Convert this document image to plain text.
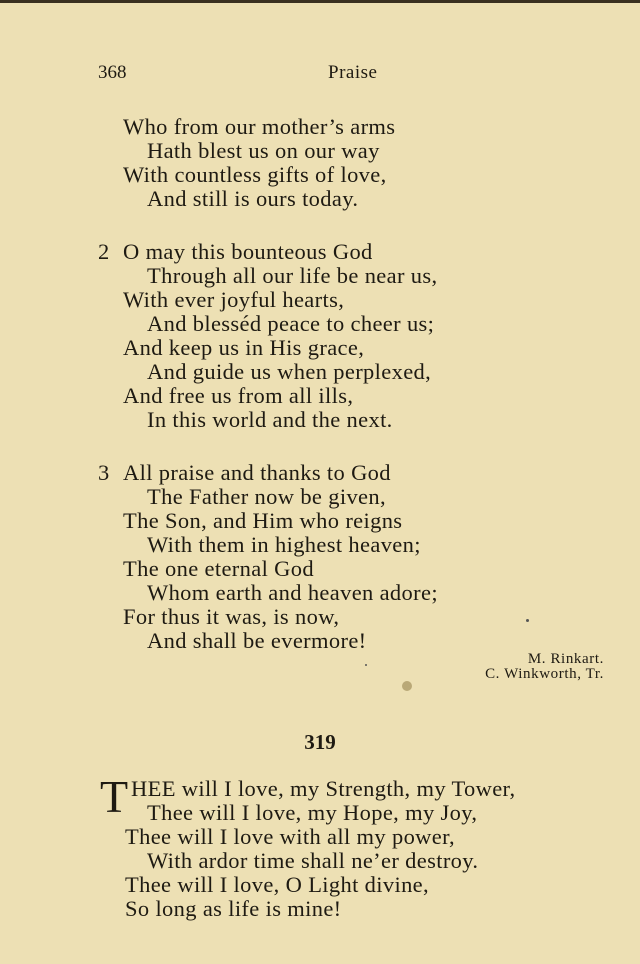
368	Praise
Who from our mother’s arms
Hath blest us on our way
With countless gifts of love,
And still is ours today.
2 O may this bounteous God
Through all our life be near us,
With ever joyful hearts,
And blesséd peace to cheer us;
And keep us in His grace,
And guide us when perplexed,
And free us from all ills,
In this world and the next.
3 All praise and thanks to God
The Father now be given,
The Son, and Him who reigns
With them in highest heaven;
The one eternal God
Whom earth and heaven adore;
For thus it was, is now,
And shall be evermore!
M. Rinkart.
C. Winkworth, Tr.
319
T HEE will I love, my Strength, my Tower,
Thee will I love, my Hope, my Joy,
Thee will I love with all my power,
With ardor time shall ne’er destroy.
Thee will I love, O Light divine,
So long as life is mine!
